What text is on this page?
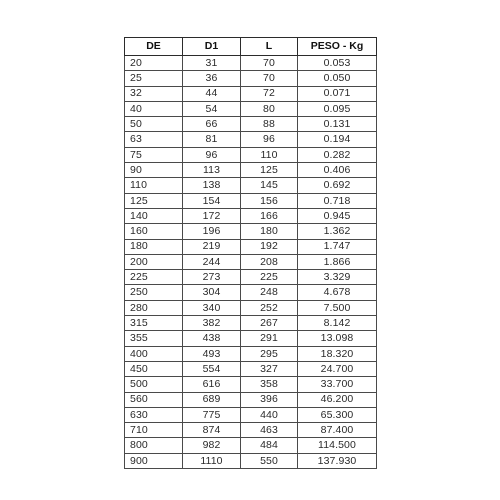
DE	D1	L	PESO - Kg
20	31	70	0.053
25	36	70	0.050
32	44	72	0.071
40	54	80	0.095
50	66	88	0.131
63	81	96	0.194
75	96	110	0.282
90	113	125	0.406
110	138	145	0.692
125	154	156	0.718
140	172	166	0.945
160	196	180	1.362
180	219	192	1.747
200	244	208	1.866
225	273	225	3.329
250	304	248	4.678
280	340	252	7.500
315	382	267	8.142
355	438	291	13.098
400	493	295	18.320
450	554	327	24.700
500	616	358	33.700
560	689	396	46.200
630	775	440	65.300
710	874	463	87.400
800	982	484	114.500
900	1110	550	137.930
